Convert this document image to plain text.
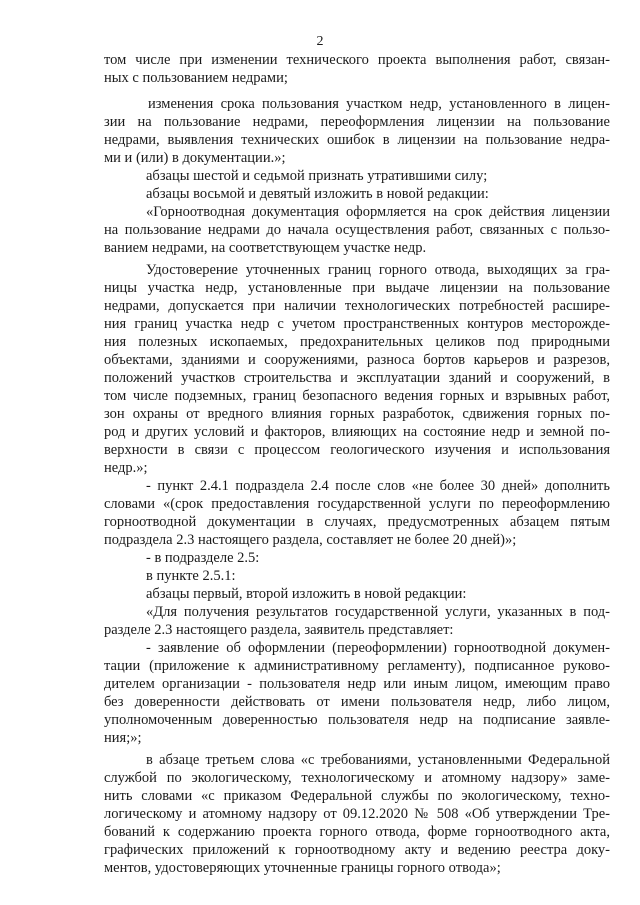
2
том числе при изменении технического проекта выполнения работ, связан-
ных с пользованием недрами;
изменения срока пользования участком недр, установленного в лицен-
зии на пользование недрами, переоформления лицензии на пользование
недрами, выявления технических ошибок в лицензии на пользование недра-
ми и (или) в документации.»;
абзацы шестой и седьмой признать утратившими силу;
абзацы восьмой и девятый изложить в новой редакции:
«Горноотводная документация оформляется на срок действия лицензии
на пользование недрами до начала осуществления работ, связанных с пользо-
ванием недрами, на соответствующем участке недр.
Удостоверение уточненных границ горного отвода, выходящих за гра-
ницы участка недр, установленные при выдаче лицензии на пользование
недрами, допускается при наличии технологических потребностей расшире-
ния границ участка недр с учетом пространственных контуров месторожде-
ния полезных ископаемых, предохранительных целиков под природными
объектами, зданиями и сооружениями, разноса бортов карьеров и разрезов,
положений участков строительства и эксплуатации зданий и сооружений, в
том числе подземных, границ безопасного ведения горных и взрывных работ,
зон охраны от вредного влияния горных разработок, сдвижения горных по-
род и других условий и факторов, влияющих на состояние недр и земной по-
верхности в связи с процессом геологического изучения и использования
недр.»;
- пункт 2.4.1 подраздела 2.4 после слов «не более 30 дней» дополнить
словами «(срок предоставления государственной услуги по переоформлению
горноотводной документации в случаях, предусмотренных абзацем пятым
подраздела 2.3 настоящего раздела, составляет не более 20 дней)»;
- в подразделе 2.5:
в пункте 2.5.1:
абзацы первый, второй изложить в новой редакции:
«Для получения результатов государственной услуги, указанных в под-
разделе 2.3 настоящего раздела, заявитель представляет:
- заявление об оформлении (переоформлении) горноотводной докумен-
тации (приложение к административному регламенту), подписанное руково-
дителем организации - пользователя недр или иным лицом, имеющим право
без доверенности действовать от имени пользователя недр, либо лицом,
уполномоченным доверенностью пользователя недр на подписание заявле-
ния;»;
в абзаце третьем слова «с требованиями, установленными Федеральной
службой по экологическому, технологическому и атомному надзору» заме-
нить словами «с приказом Федеральной службы по экологическому, техно-
логическому и атомному надзору от 09.12.2020 № 508 «Об утверждении Тре-
бований к содержанию проекта горного отвода, форме горноотводного акта,
графических приложений к горноотводному акту и ведению реестра доку-
ментов, удостоверяющих уточненные границы горного отвода»;
